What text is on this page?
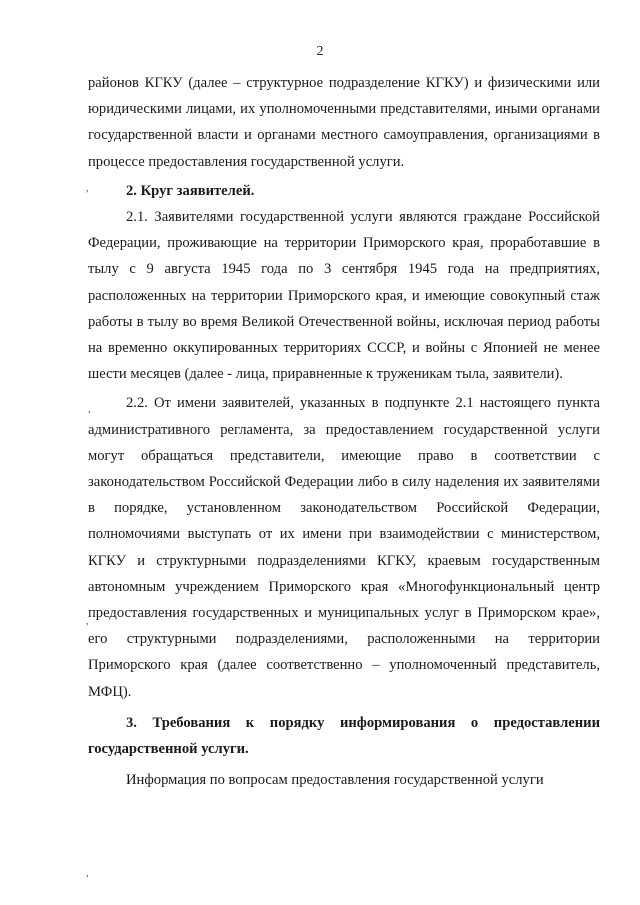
2

районов КГКУ (далее – структурное подразделение КГКУ) и физическими или юридическими лицами, их уполномоченными представителями, иными органами государственной власти и органами местного самоуправления, организациями в процессе предоставления государственной услуги.

2. Круг заявителей.

2.1. Заявителями государственной услуги являются граждане Российской Федерации, проживающие на территории Приморского края, проработавшие в тылу с 9 августа 1945 года по 3 сентября 1945 года на предприятиях, расположенных на территории Приморского края, и имеющие совокупный стаж работы в тылу во время Великой Отечественной войны, исключая период работы на временно оккупированных территориях СССР, и войны с Японией не менее шести месяцев (далее - лица, приравненные к труженикам тыла, заявители).

2.2. От имени заявителей, указанных в подпункте 2.1 настоящего пункта административного регламента, за предоставлением государственной услуги могут обращаться представители, имеющие право в соответствии с законодательством Российской Федерации либо в силу наделения их заявителями в порядке, установленном законодательством Российской Федерации, полномочиями выступать от их имени при взаимодействии с министерством, КГКУ и структурными подразделениями КГКУ, краевым государственным автономным учреждением Приморского края «Многофункциональный центр предоставления государственных и муниципальных услуг в Приморском крае», его структурными подразделениями, расположенными на территории Приморского края (далее соответственно – уполномоченный представитель, МФЦ).

3. Требования к порядку информирования о предоставлении государственной услуги.

Информация по вопросам предоставления государственной услуги

,
,
,
,
